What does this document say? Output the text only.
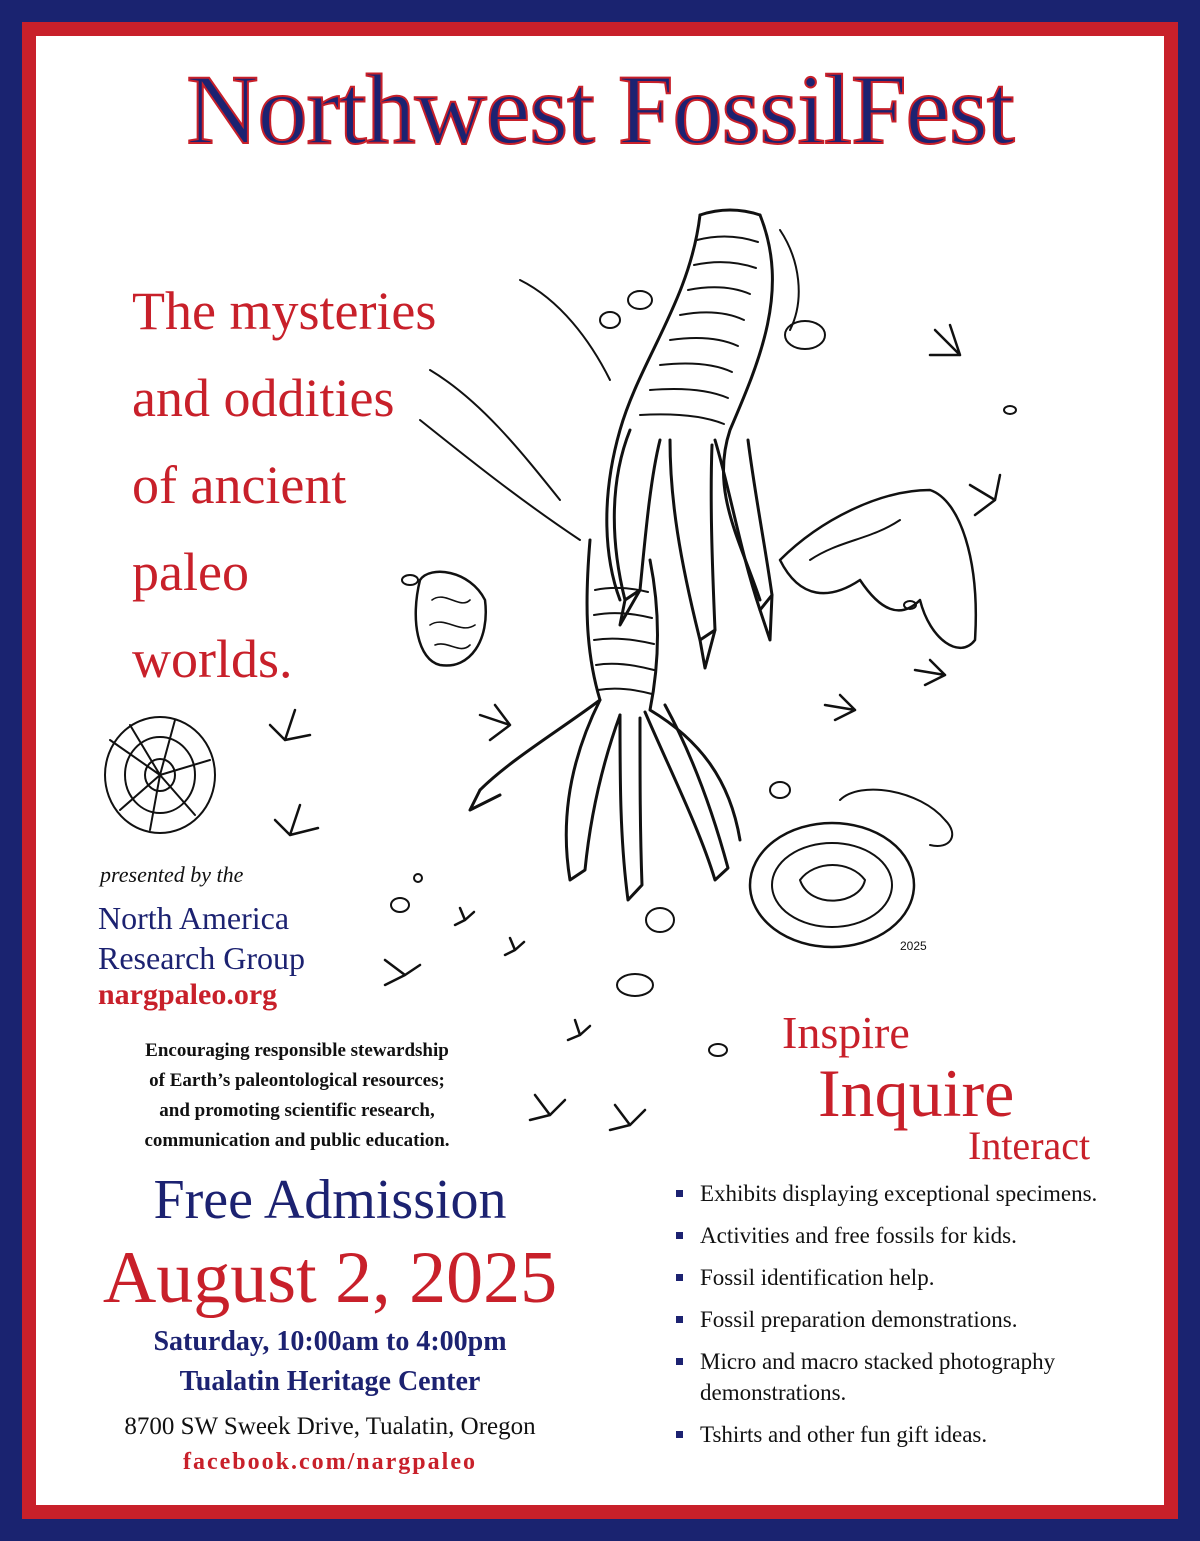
2025
Northwest FossilFest
The mysteries
and oddities
of ancient
paleo
worlds.
presented by the
North America
Research Group
nargpaleo.org
Encouraging responsible stewardship
of Earth’s paleontological resources;
and promoting scientific research,
communication and public education.
Free Admission
August 2, 2025
Saturday, 10:00am to 4:00pm
Tualatin Heritage Center
8700 SW Sweek Drive, Tualatin, Oregon
facebook.com/nargpaleo
Inspire
Inquire
Interact
Exhibits displaying exceptional specimens.
Activities and free fossils for kids.
Fossil identification help.
Fossil preparation demonstrations.
Micro and macro stacked photography demonstrations.
Tshirts and other fun gift ideas.
